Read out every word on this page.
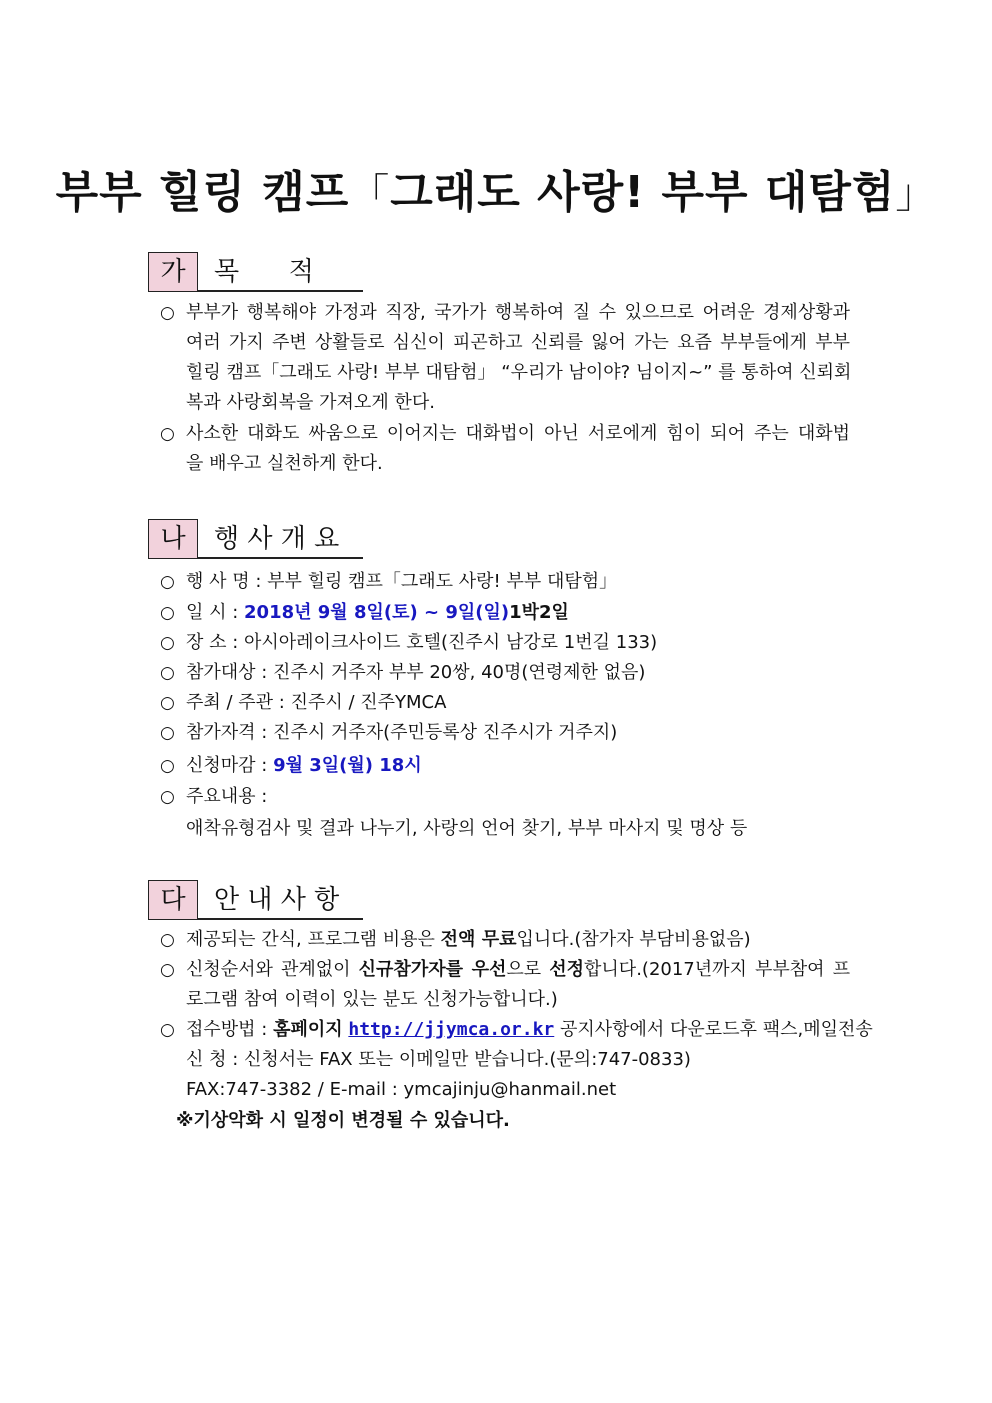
부부 힐링 캠프「그래도 사랑! 부부 대탐험」
가	목      적
○ 부부가 행복해야 가정과 직장, 국가가 행복하여 질 수 있으므로 어려운 경제상황과
여러 가지 주변 상활들로 심신이 피곤하고 신뢰를 잃어 가는 요즘 부부들에게 부부
힐링 캠프「그래도 사랑! 부부 대탐험」 “우리가 남이야? 님이지~” 를 통하여 신뢰회
복과 사랑회복을 가져오게 한다.
○ 사소한 대화도 싸움으로 이어지는 대화법이 아닌 서로에게 힘이 되어 주는 대화법
을 배우고 실천하게 한다.
나	행 사 개 요
○ 행 사 명 : 부부 힐링 캠프「그래도 사랑! 부부 대탐험」
○ 일 시 : 2018년 9월 8일(토) ~ 9일(일)1박2일
○ 장 소 : 아시아레이크사이드 호텔(진주시 남강로 1번길 133)
○ 참가대상 : 진주시 거주자 부부 20쌍, 40명(연령제한 없음)
○ 주최 / 주관 : 진주시 / 진주YMCA
○ 참가자격 : 진주시 거주자(주민등록상 진주시가 거주지)
○ 신청마감 : 9월 3일(월) 18시
○ 주요내용 :
애착유형검사 및 결과 나누기, 사랑의 언어 찾기, 부부 마사지 및 명상 등
다	안 내 사 항
○ 제공되는 간식, 프로그램 비용은 전액 무료입니다.(참가자 부담비용없음)
○ 신청순서와 관계없이 신규참가자를 우선으로 선정합니다.(2017년까지 부부참여 프
로그램 참여 이력이 있는 분도 신청가능합니다.)
○ 접수방법 : 홈페이지 http://jjymca.or.kr 공지사항에서 다운로드후 팩스,메일전송
신 청 : 신청서는 FAX 또는 이메일만 받습니다.(문의:747-0833)
FAX:747-3382 / E-mail : ymcajinju@hanmail.net
※기상악화 시 일정이 변경될 수 있습니다.
